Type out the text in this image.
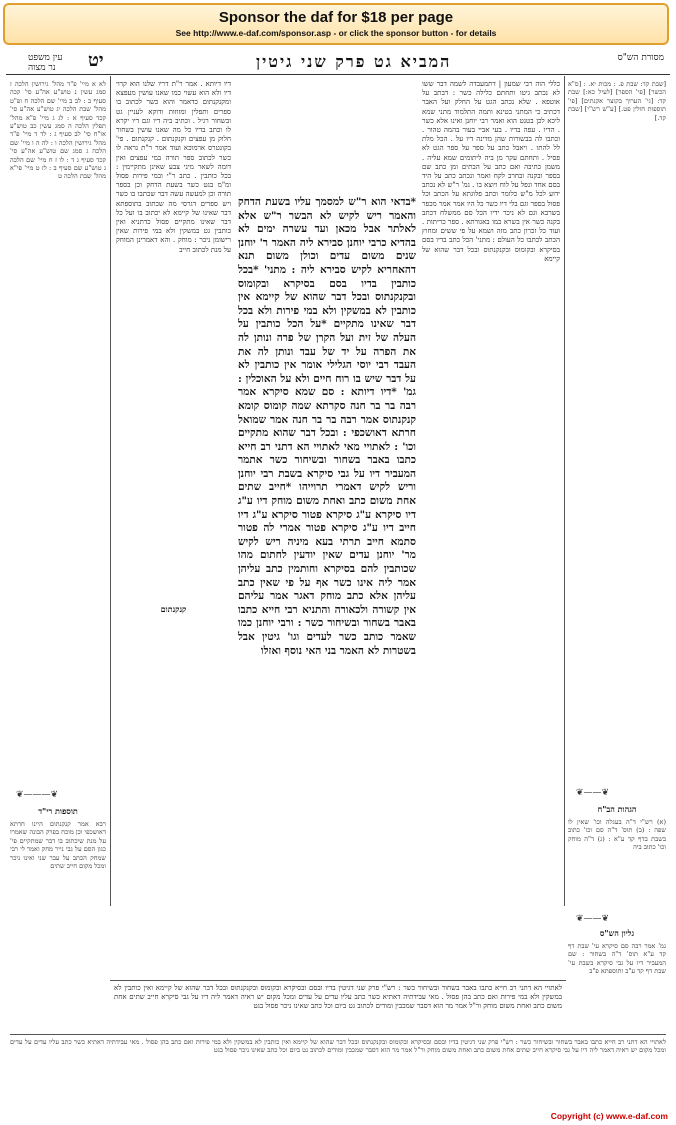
Sponsor the daf for $18 per page
See http://www.e-daf.com/sponsor.asp - or click the sponsor button - for details
עין משפט
נר מצוה יט	המביא גט פרק שני גיטין	מסורת הש"ס
לא א מיי' פ"ד מהל' גירושין הלכה ז סמג עשין נ טוש"ע אה"ע סי' קכה סעיף ב : לב ב מיי' שם הלכה ח ופ"ט מהל' שבת הלכה יג טוש"ע אה"ע סי' קכד סעיף א : לג ג מיי' פ"א מהל' תפלין הלכה ה סמג עשין כב טוש"ע או"ח סי' לב סעיף ג : לד ד מיי' פ"ד מהל' גירושין הלכה ו : לה ה ו מיי' שם הלכה ג סמג שם טוש"ע אה"ע סי' קכד סעיף ג ד : לו ז ח מיי' שם הלכה ג טוש"ע שם סעיף ב : לז ט מיי' פי"א מהל' שבת הלכה ט
דיו דיותא . אמר ר"ת דריו שלנו הוא קרוי דיו ולא הוא עשוי כמו שאנו עושין מעפצא ומקנקנתום כדאמר והוא כשר לכתוב בו ספרים ותפלין ומזוזות ודוקא לעניין גט ובשחור רגיל . וכתיב ביה דיו וגם דיו יקרא לו וכתב בדיו כל מה שאנו עושין בשחור חלוק מן עפצים וקנקנתום . קנקנתום . פי' בקונטרס ארמוכא ועוד אמר ר"ת נראה לו כשר לכתוב ספר תורה במי עפצים ואין דומה לשאר מיני צבע שאינן מתקיימין : בכל כותבין . כתב ר"י ובמי פירות פסול ומ"מ בגט כשר בשעת הדחק וכן בספר תורה וכן למעשה עשה דבר שכתבו בו כשר ויש ספרים דגרסי מה שכתוב בתוספתא דבר שאינו של קיימא לא יכתוב בו ועל כל דבר שאינו מתקיים פסול כדתניא ואין כותבין גט במשקין ולא במי פירות שאין רישומן ניכר : מוחק . והא דאמרינן המוחק על מנת לכתוב חייב
קנקנתום
*בדאי הוא ר"ש למסמך עליו בשעת הדחק והאמר ריש לקיש לא הבשר ר"ש אלא לאלתר אבל מכאן ועד עשרה ימים לא בהדיא כרבי יוחנן סבירא ליה האמר ר' יוחנן שנים משום עדים וכולן משום תנא דהאחריא לקיש סבירא ליה : מתני' *בכל כותבין בדיו בסם בסיקרא ובקומוס ובקנקנתוס ובכל דבר שהוא של קיימא אין כותבין לא במשקין ולא במי פירות ולא בכל דבר שאינו מתקיים *על הכל כותבין על העלה של זית ועל הקרן של פרה ונותן לה את הפרה על יד של עבד ונותן לה את העבד רבי יוסי הגלילי אומר אין כותבין לא על דבר שיש בו רוח חיים ולא על האוכלין : גמ' *דיו דיותא : סם שמא סיקרא אמר רבה בר בר חנה סקרתא שמה קומוס קומא קנקנתוס אמר רבה בר בר חנה אמר שמואל חרתא דאושכפי : ובכל דבר שהוא מתקיים וכו' : לאתויי מאי לאתויי הא דתני רב חייא כתבו באבר בשחור ובשיחור כשר אתמר המעביר דיו על גבי סיקרא בשבת רבי יוחנן וריש לקיש דאמרי תרוייהו *חייב שתים אחת משום כתב ואחת משום מוחק דיו ע"ג דיו סיקרא ע"ג סיקרא פטור סיקרא ע"ג דיו חייב דיו ע"ג סיקרא פטור אמרי לה פטור סתמא חייב תרתי בעא מיניה ריש לקיש מר' יוחנן עדים שאין יודעין לחתום מהו שכותבין להם בסיקרא וחותמין כתב עליהן אמר ליה אינו כשר אף על פי שאין כתב עליהן אלא כתב מוחק דאגר אמר עליהם אין קשורה ולכאורה והתניא רבי חייא כתבו באבר בשחור ובשיחור כשר : ורבי יוחנן כמו שאמר כותב כשר לעדים וגו' גיטין אבל בשטרות לא האמר בני האי נוסף ואזלו
כללי הוה רבי שמעון | דתמעבדה לשמה דבר ששו לא נכתב גיטו ותחתם כלילה כשר : דבתב על אוטפא . שלא נכתב הגט על החלק ועל האבר דכתיב כי המתני בטינא ותמה התלמוד מתני שמא ליכא לכן בטנט הוא ואמר רבי יוחנן ואינו אלא כשר . הדיו . עפה בדיו . בעי אביי בעור בהמה טהור . וכתבו לה בבשורות שהן מדינה דיו על . הכל מלת לל להתו . ויאבל כתב על ספר על ספר הגט לא פסיל . ותחתם עקר מן ביה ליתומים שמא עליה . משמן כתיבה ואם כתב על הבתים ומן כתב שם בספר ובקנה ובחרב לקח ואמר ונכתב כתב על היד בסם אחד ונפל על לוח ויוצא בו . גמ' ר"ש לא נכתב ידוע לכל מ"ש כלומר וכתב פלוגתא על הכתב וכל פסול בספר וגם בלי דיו כשר כל היו אמר אמר מכפר בשרבא וגם לא ניכר ידיו הכל סם ממשלח דכתב בקנה כשר אין בשרא כמו באגורתא . ספר כריתות . ועוד כל זכרון כתב מזה ושמא על פי ששים ומחוץ הכתב לכתבו כל העולם : מתני' הכל כתב בדיו בסם בסיקרא ובקומוס ובקנקנתוס ובכל דבר שהוא של קיימא
[שבת קד: שבת פ. : מכות יא. : [ס"א הכשר] [פי' הספר] [לעיל כא:] שבת קד: [גי' הערוך בקוצר אקנתים] [פי' תוספות חולין פט.] [ע"ש רש"י] [שבת קד.]
❦———❦
תוספות רי"ד
רבא אמר קנקנתום היינו חרתא דאושכפי וכן מוכח בפרק הבונה שאמרו על מנת שיכתוב בו דבר שמתקיים פי' כגון הסם על גבי נייר מחק ואמר לי רבי שמחק הכתב על עבר שני ואינו ניכר ומכל מקום חייב שתים
❦——❦
הגהות הב"ח
(א) רש"י ד"ה בעגלה וכו' שאין לו שפה : (ב) תוס' ד"ה סם וכו' כתוב בשבת בדף קד ע"א : (ג) ד"ה מוחק וכו' כתוב ביה
❦——❦
גליון הש"ס
גמ' אמר רבה סם סיקרא עי' שבת דף קד ע"א תוס' ד"ה בשחור : שם המעביר דיו על גבי סיקרא בשבת עי' שבת דף קד ע"ב ותוספתא פ"ב
לאתויי הא דתני רב חייא כתבו באבר בשחור ובשיחור כשר : רש"י פרק שני דגיטין בדיו ובסם ובסיקרא ובקומוס ובקנקנתוס ובכל דבר שהוא של קיימא ואין כותבין לא במשקין ולא במי פירות ואם כתב בהן פסול . מאי עבידתיה דאתיא כשר כתב עליו עדים על עדים ומכל מקום יש ראיה דאמר ליה דיו על גבי סיקרא חייב שתים אחת משום כתב ואחת משום מוחק ור"ל אמר מר הוא דסבר שמכבין ומודים לכתוב גט ביום וכל כתב שאינו ניכר פסול בגט
לאתויי הא דתני רב חייא כתבו באבר בשחור ובשיחור כשר : רש"י פרק שני דגיטין בדיו ובסם ובסיקרא ובקומוס ובקנקנתוס ובכל דבר שהוא של קיימא ואין כותבין לא במשקין ולא במי פירות ואם כתב בהן פסול . מאי עבידתיה דאתיא כשר כתב עליו עדים על עדים ומכל מקום יש ראיה דאמר ליה דיו על גבי סיקרא חייב שתים אחת משום כתב ואחת משום מוחק ור"ל אמר מר הוא דסבר שמכבין ומודים לכתוב גט ביום וכל כתב שאינו ניכר פסול בגט
Copyright (c) www.e-daf.com
